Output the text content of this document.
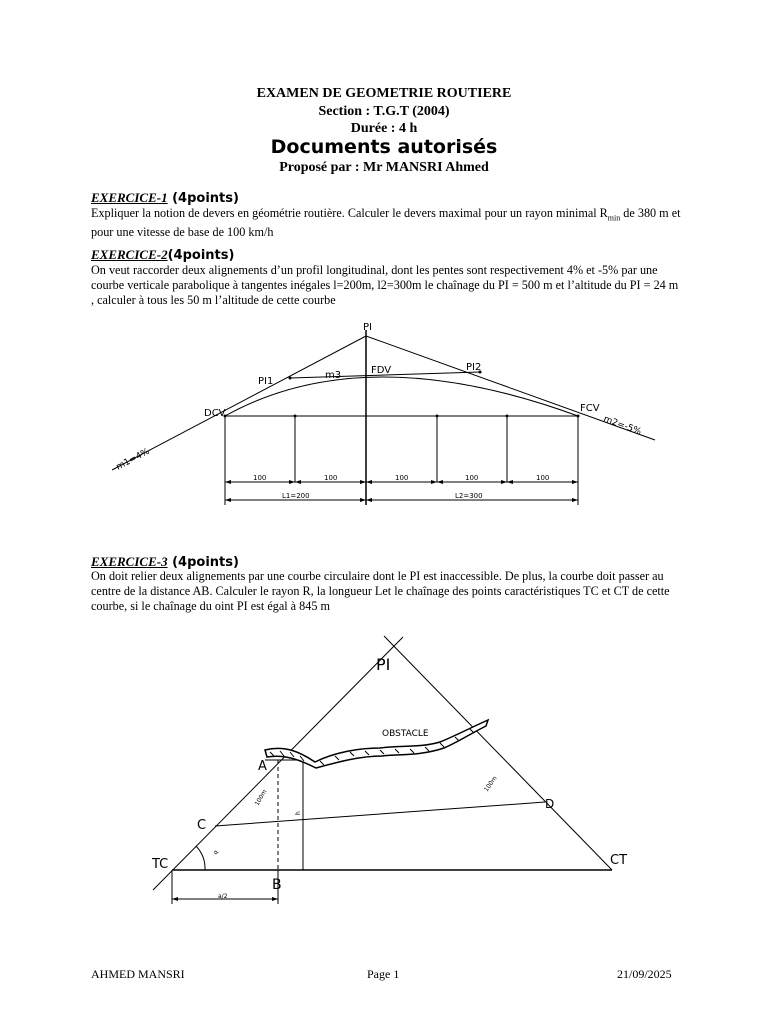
EXAMEN DE GEOMETRIE ROUTIERE
Section : T.G.T (2004)
Durée : 4 h
Documents autorisés
Proposé par : Mr MANSRI Ahmed
EXERCICE-1 (4points)
Expliquer la notion de devers en géométrie routière. Calculer le devers maximal pour un rayon minimal $R_{min}$ de 380 m et pour une vitesse de base de 100 km/h
EXERCICE-2(4points)
On veut raccorder deux alignements d’un profil longitudinal, dont les pentes sont respectivement 4% et -5% par une courbe verticale parabolique à tangentes inégales l=200m, l2=300m le chaînage du PI = 500 m et l’altitude du PI = 24 m , calculer à tous les 50 m l’altitude de cette courbe
PI
PI1
PI2
m3	FDV
DCV	FCV
m1=4%
m2=-5%
100	100	100	100	100
L1=200	L2=300
EXERCICE-3 (4points)
On doit relier deux alignements par une courbe circulaire dont le PI est inaccessible. De plus, la courbe doit passer au centre de la distance AB. Calculer le rayon R, la longueur Let le chaînage des points caractéristiques TC et CT de cette courbe, si le chaînage du oint PI est égal à 845 m
100m
100m
h
α
a/2
PI
OBSTACLE
A
B
C
D
TC	CT
AHMED MANSRI	Page 1	21/09/2025
